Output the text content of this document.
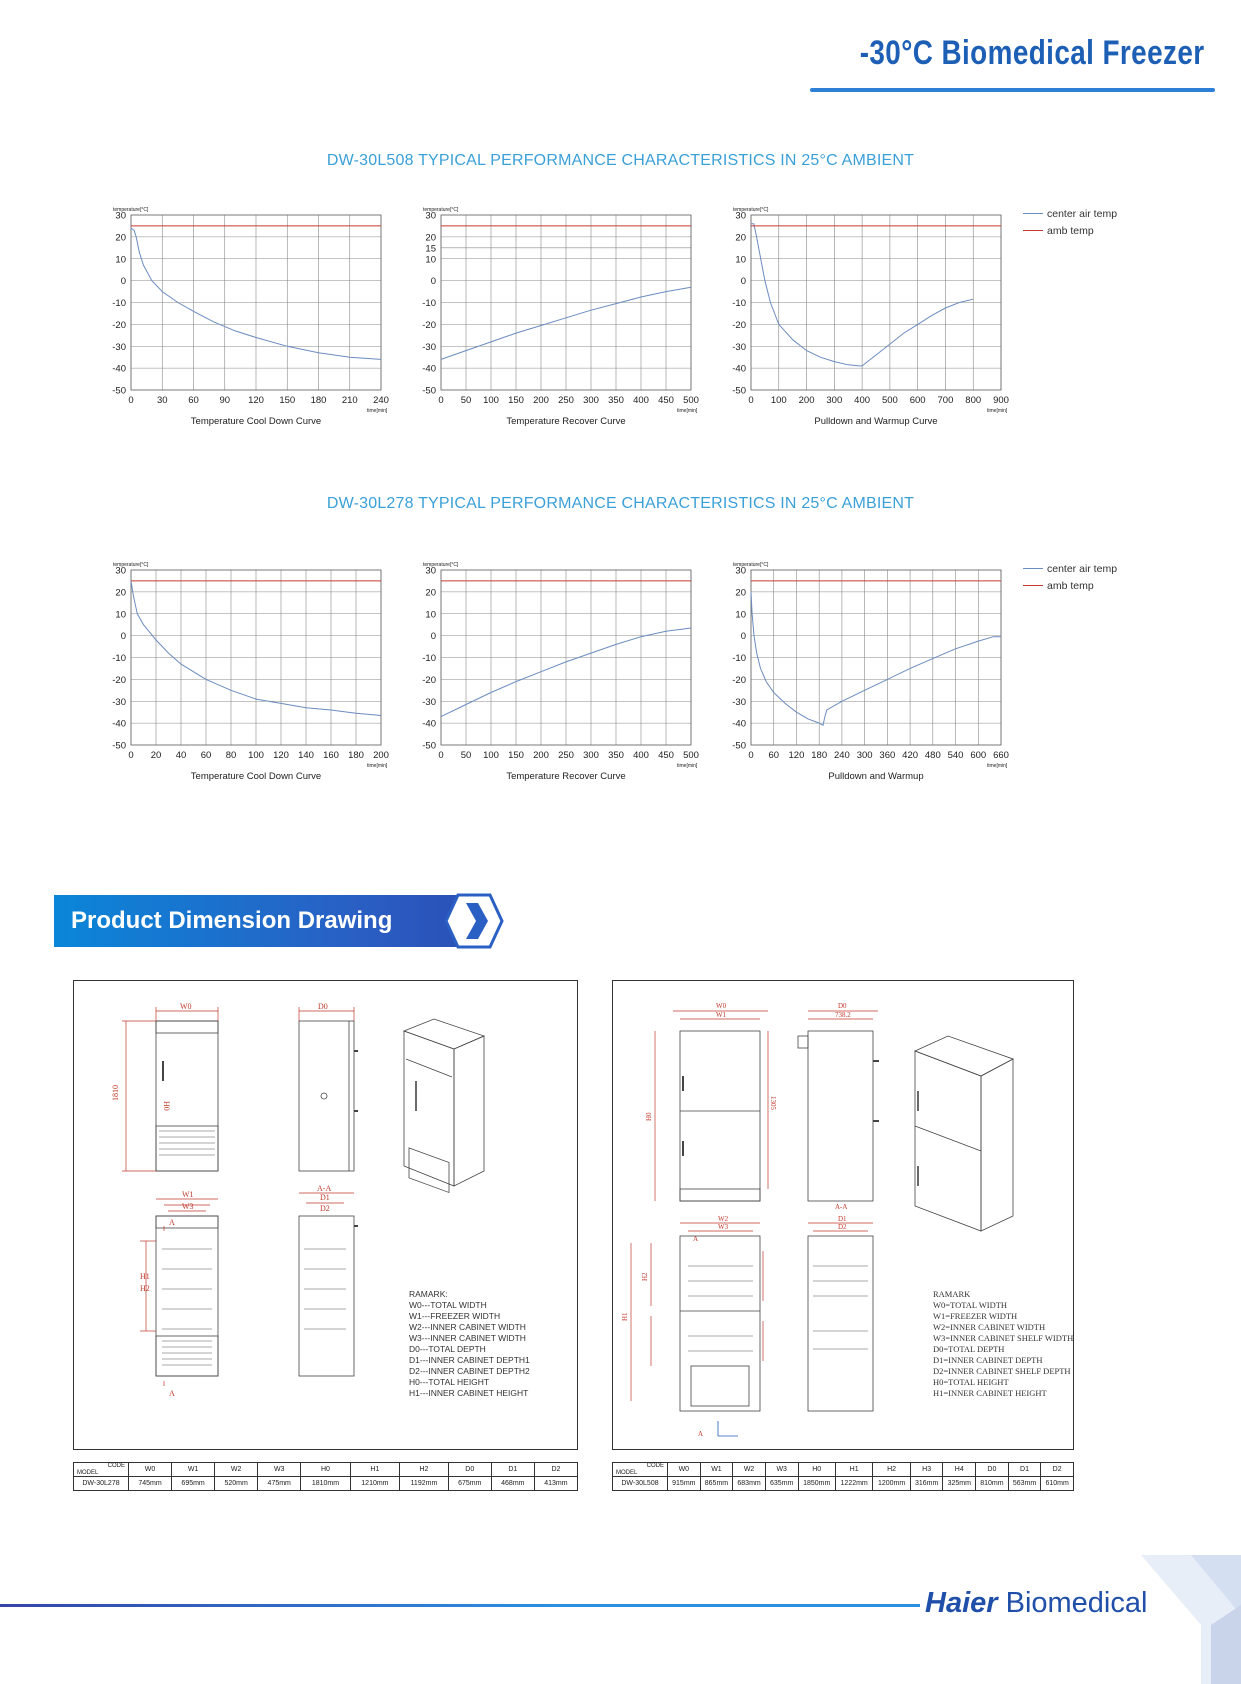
-30°C Biomedical Freezer
DW-30L508 TYPICAL PERFORMANCE CHARACTERISTICS IN 25°C AMBIENT
DW-30L278 TYPICAL PERFORMANCE CHARACTERISTICS IN 25°C AMBIENT
30
20
10
0
-10
-20
-30
-40
-50
0 30 60 90 120 150 180 210 240
temperature[°C]
time[min]
Temperature Cool Down Curve
30
20
15
10
0
-10
-20
-30
-40
-50
0 50 100 150 200 250 300 350 400 450 500
temperature[°C]
time[min]
Temperature Recover Curve
30
20
10
0
-10
-20
-30
-40
-50
0 100 200 300 400 500 600 700 800 900
temperature[°C]
time[min]
Pulldown and Warmup Curve
30
20
10
0
-10
-20
-30
-40
-50
0 20 40 60 80 100 120 140 160 180 200
temperature[°C]
time[min]
Temperature Cool Down Curve
30
20
10
0
-10
-20
-30
-40
-50
0 50 100 150 200 250 300 350 400 450 500
temperature[°C]
time[min]
Temperature Recover Curve
30
20
10
0
-10
-20
-30
-40
-50
0 60 120 180 240 300 360 420 480 540 600 660
temperature[°C]
time[min]
Pulldown and Warmup
center air temp
amb temp
center air temp
amb temp
Product Dimension Drawing
W0	D0
H0
1810
A-A
D1
D2
W1
W3
A
A
H1
H2
RAMARK:
W0---TOTAL WIDTH
W1---FREEZER WIDTH
W2---INNER CABINET WIDTH
W3---INNER CABINET WIDTH
D0---TOTAL DEPTH
D1---INNER CABINET DEPTH1
D2---INNER CABINET DEPTH2
H0---TOTAL HEIGHT
H1---INNER CABINET HEIGHT
W0
W1
D0
738.2
H0
1305
A-A
D1
D2
W2
W3
A
A
H1
H2
RAMARK
W0=TOTAL WIDTH
W1=FREEZER WIDTH
W2=INNER CABINET WIDTH
W3=INNER CABINET SHELF WIDTH
D0=TOTAL DEPTH
D1=INNER CABINET DEPTH
D2=INNER CABINET SHELF DEPTH
H0=TOTAL HEIGHT
H1=INNER CABINET HEIGHT
CODE
MODEL	W0	W1	W2	W3	H0	H1	H2	D0	D1	D2
DW-30L278	745mm	695mm	520mm	475mm	1810mm	1210mm	1192mm	675mm	468mm	413mm
CODE
MODEL	W0	W1	W2	W3	H0	H1	H2	H3	H4	D0	D1	D2
DW-30L508	915mm	865mm	683mm	635mm	1850mm	1222mm	1200mm	316mm	325mm	810mm	563mm	610mm
Haier Biomedical
